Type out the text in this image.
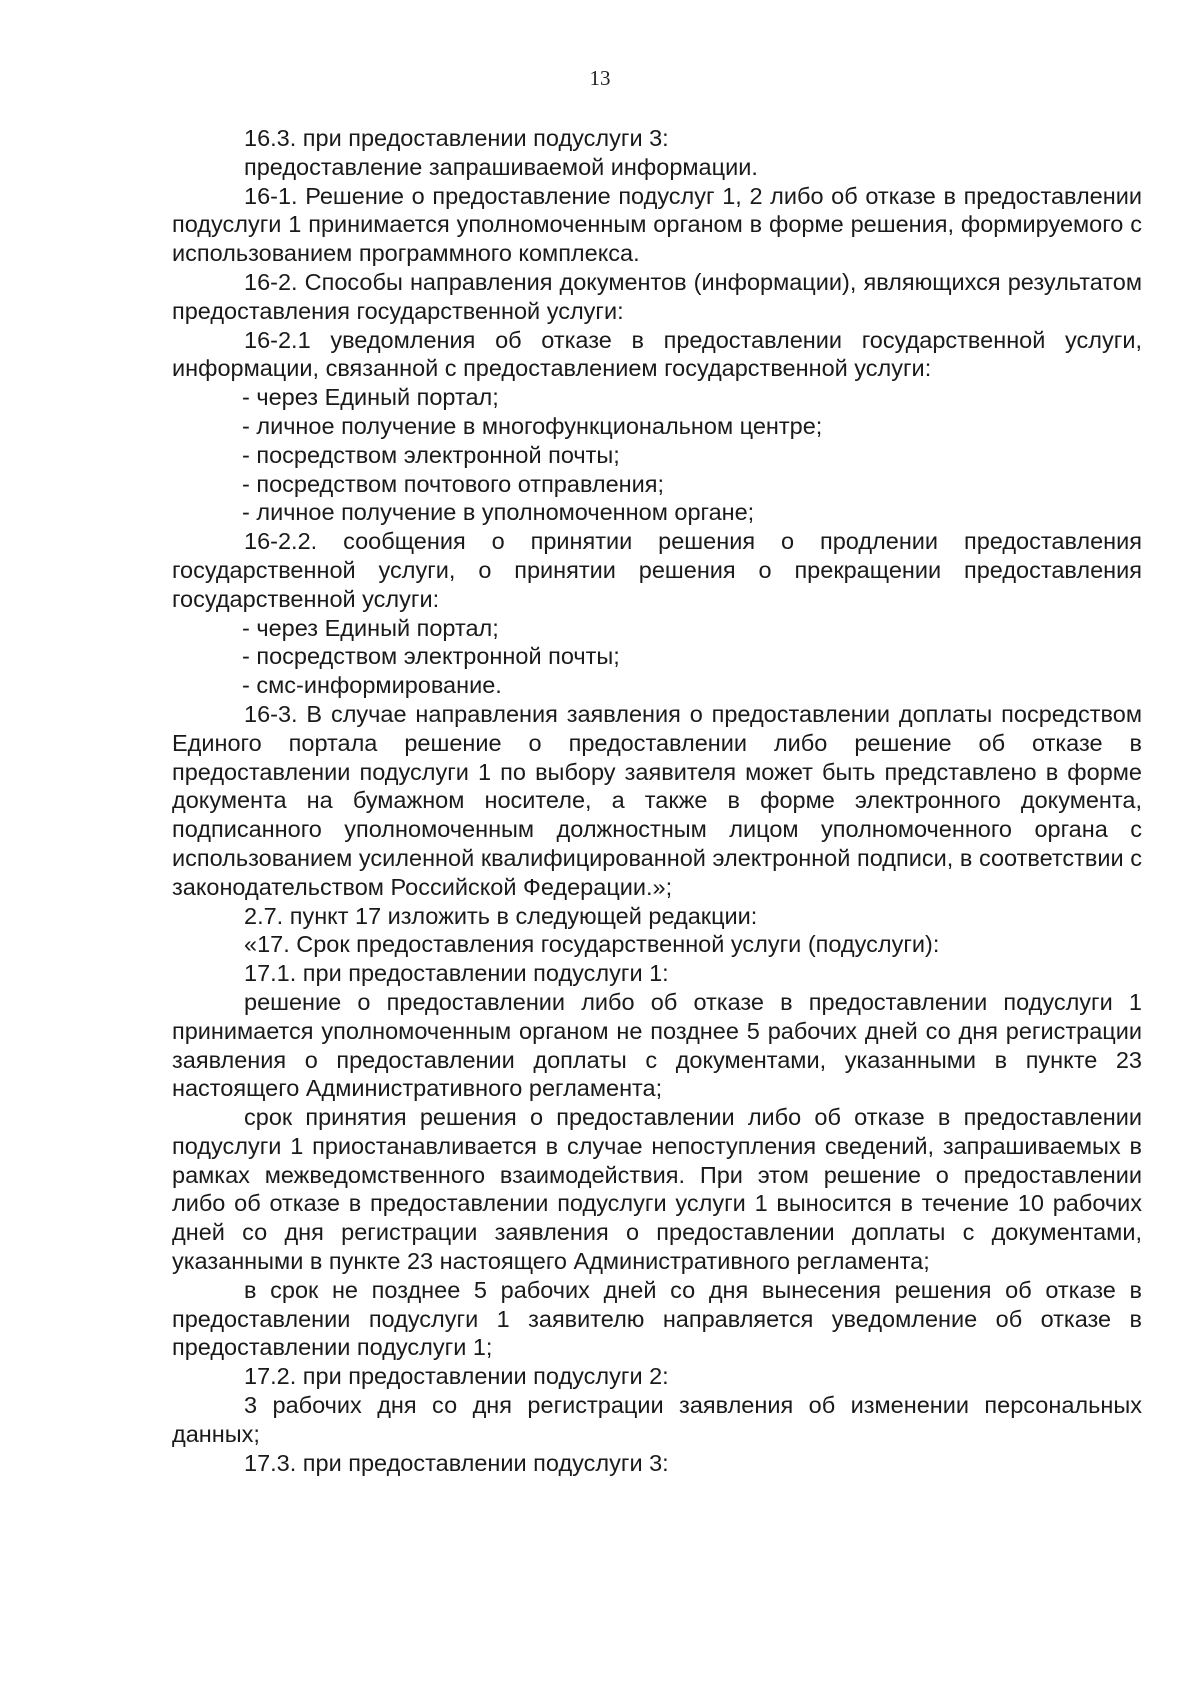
13

16.3. при предоставлении подуслуги 3:

предоставление запрашиваемой информации.

16-1. Решение о предоставление подуслуг 1, 2 либо об отказе в предоставлении подуслуги 1 принимается уполномоченным органом в форме решения, формируемого с использованием программного комплекса.

16-2. Способы направления документов (информации), являющихся результатом предоставления государственной услуги:

16-2.1 уведомления об отказе в предоставлении государственной услуги, информации, связанной с предоставлением государственной услуги:

- через Единый портал;

- личное получение в многофункциональном центре;

- посредством электронной почты;

- посредством почтового отправления;

- личное получение в уполномоченном органе;

16-2.2. сообщения о принятии решения о продлении предоставления государственной услуги, о принятии решения о прекращении предоставления государственной услуги:

- через Единый портал;

- посредством электронной почты;

- смс-информирование.

16-3. В случае направления заявления о предоставлении доплаты посредством Единого портала решение о предоставлении либо решение об отказе в предоставлении подуслуги 1 по выбору заявителя может быть представлено в форме документа на бумажном носителе, а также в форме электронного документа, подписанного уполномоченным должностным лицом уполномоченного органа с использованием усиленной квалифицированной электронной подписи, в соответствии с законодательством Российской Федерации.»;

2.7. пункт 17 изложить в следующей редакции:

«17. Срок предоставления государственной услуги (подуслуги):

17.1. при предоставлении подуслуги 1:

решение о предоставлении либо об отказе в предоставлении подуслуги 1 принимается уполномоченным органом не позднее 5 рабочих дней со дня регистрации заявления о предоставлении доплаты с документами, указанными в пункте 23 настоящего Административного регламента;

срок принятия решения о предоставлении либо об отказе в предоставлении подуслуги 1 приостанавливается в случае непоступления сведений, запрашиваемых в рамках межведомственного взаимодействия. При этом решение о предоставлении либо об отказе в предоставлении подуслуги услуги 1 выносится в течение 10 рабочих дней со дня регистрации заявления о предоставлении доплаты с документами, указанными в пункте 23 настоящего Административного регламента;

в срок не позднее 5 рабочих дней со дня вынесения решения об отказе в предоставлении подуслуги 1 заявителю направляется уведомление об отказе в предоставлении подуслуги 1;

17.2. при предоставлении подуслуги 2:

3 рабочих дня со дня регистрации заявления об изменении персональных данных;

17.3. при предоставлении подуслуги 3:
